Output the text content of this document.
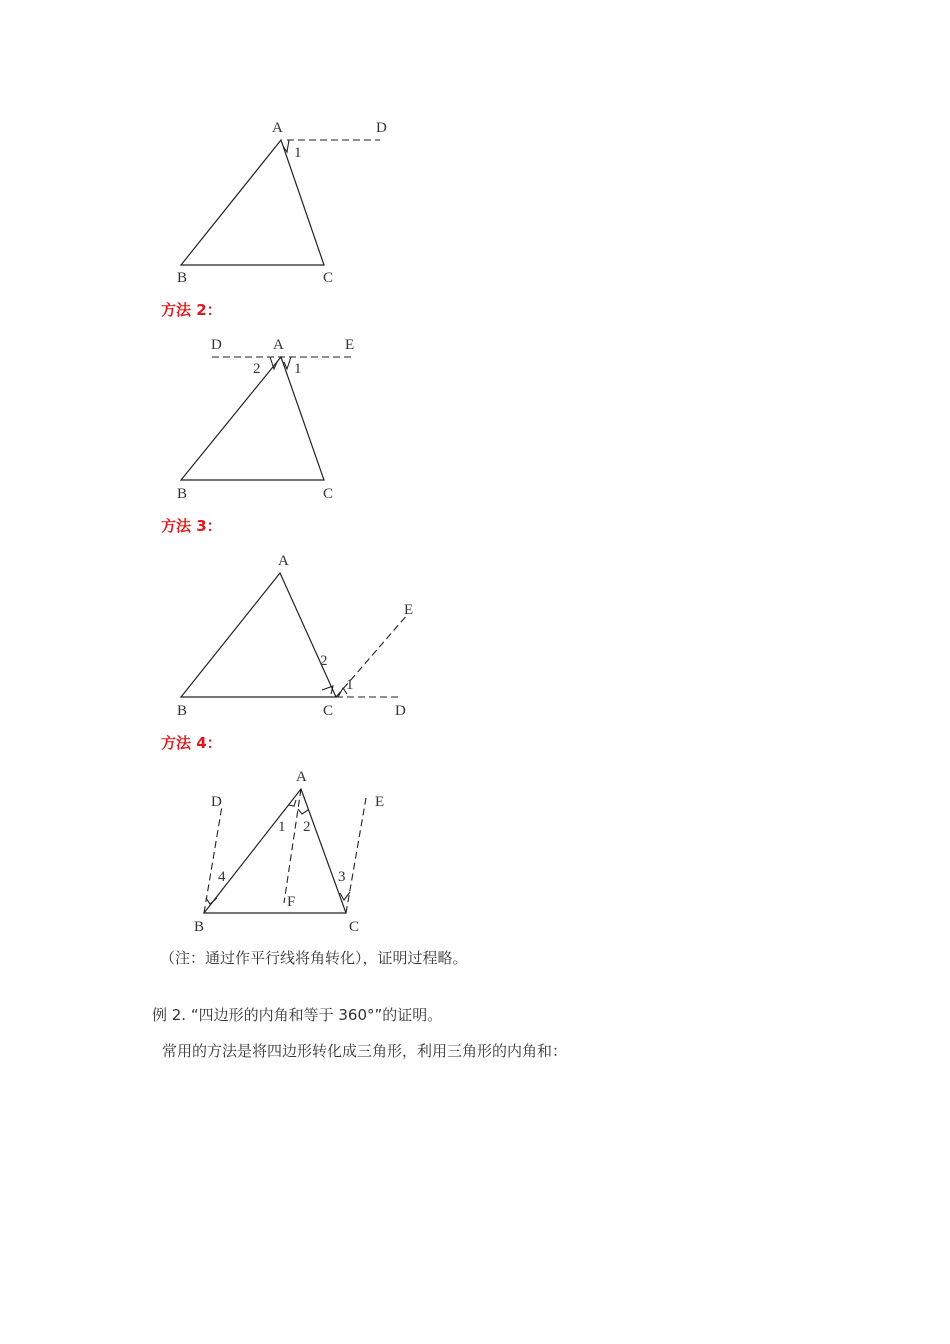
A	D
1
B	C
方法 2：
D	A	E
2 1
B	C
方法 3：
A
E
2
1
B	C	D
方法 4：
A
D	E
1 2
4	3
F
B	C
（注：通过作平行线将角转化），证明过程略。
例 2. “四边形的内角和等于 360°”的证明。
常用的方法是将四边形转化成三角形，利用三角形的内角和：
